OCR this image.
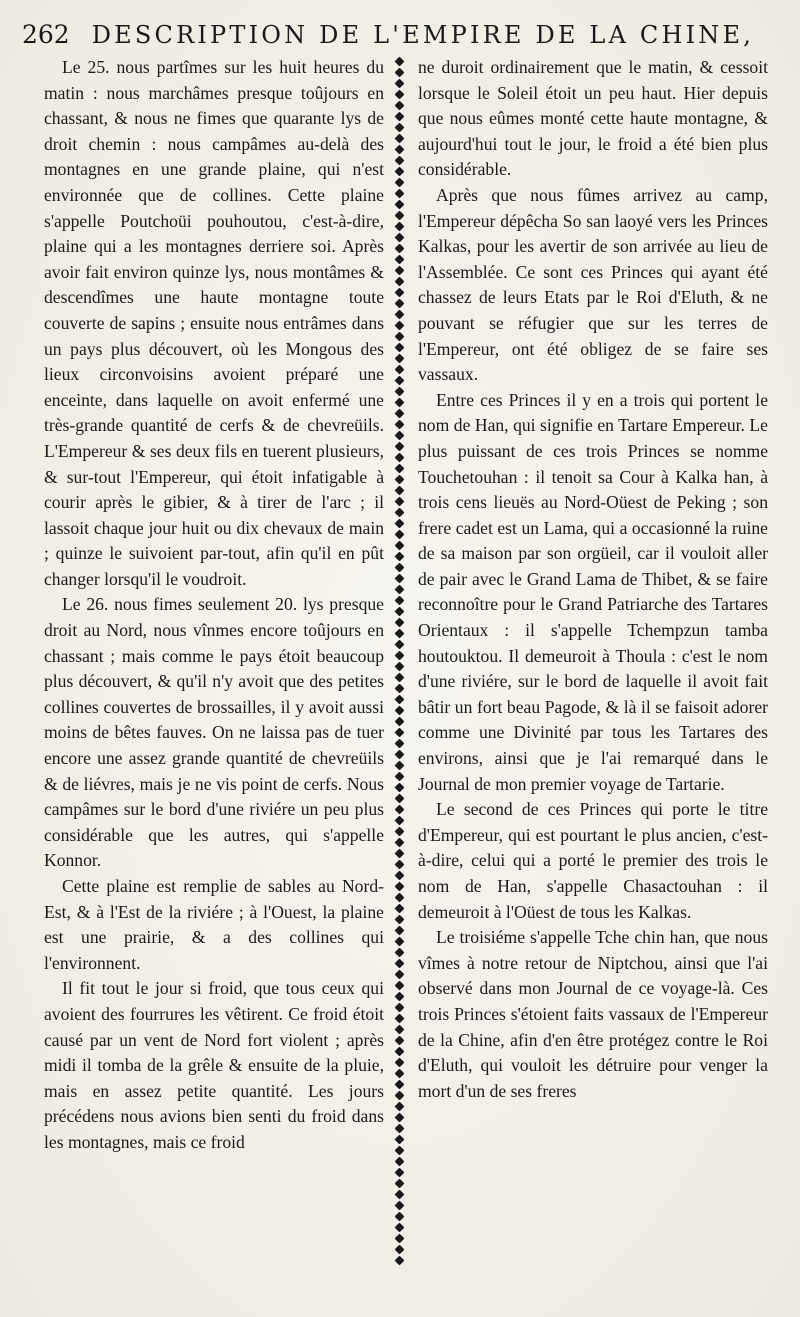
262 DESCRIPTION DE L'EMPIRE DE LA CHINE,

Le 25. nous partîmes sur les huit heures du matin : nous marchâmes presque toûjours en chassant, & nous ne fimes que quarante lys de droit chemin : nous campâmes au-delà des montagnes en une grande plaine, qui n'est environnée que de collines. Cette plaine s'appelle Poutchoüi pouhoutou, c'est-à-dire, plaine qui a les montagnes derriere soi. Après avoir fait environ quinze lys, nous montâmes & descendîmes une haute montagne toute couverte de sapins ; ensuite nous entrâmes dans un pays plus découvert, où les Mongous des lieux circonvoisins avoient préparé une enceinte, dans laquelle on avoit enfermé une très-grande quantité de cerfs & de chevreüils. L'Empereur & ses deux fils en tuerent plusieurs, & sur-tout l'Empereur, qui étoit infatigable à courir après le gibier, & à tirer de l'arc ; il lassoit chaque jour huit ou dix chevaux de main ; quinze le suivoient par-tout, afin qu'il en pût changer lorsqu'il le voudroit.

Le 26. nous fimes seulement 20. lys presque droit au Nord, nous vînmes encore toûjours en chassant ; mais comme le pays étoit beaucoup plus découvert, & qu'il n'y avoit que des petites collines couvertes de brossailles, il y avoit aussi moins de bêtes fauves. On ne laissa pas de tuer encore une assez grande quantité de chevreüils & de liévres, mais je ne vis point de cerfs. Nous campâmes sur le bord d'une riviére un peu plus considérable que les autres, qui s'appelle Konnor.

Cette plaine est remplie de sables au Nord-Est, & à l'Est de la riviére ; à l'Ouest, la plaine est une prairie, & a des collines qui l'environnent.

Il fit tout le jour si froid, que tous ceux qui avoient des fourrures les vêtirent. Ce froid étoit causé par un vent de Nord fort violent ; après midi il tomba de la grêle & ensuite de la pluie, mais en assez petite quantité. Les jours précédens nous avions bien senti du froid dans les montagnes, mais ce froid

ne duroit ordinairement que le matin, & cessoit lorsque le Soleil étoit un peu haut. Hier depuis que nous eûmes monté cette haute montagne, & aujourd'hui tout le jour, le froid a été bien plus considérable.

Après que nous fûmes arrivez au camp, l'Empereur dépêcha So san laoyé vers les Princes Kalkas, pour les avertir de son arrivée au lieu de l'Assemblée. Ce sont ces Princes qui ayant été chassez de leurs Etats par le Roi d'Eluth, & ne pouvant se réfugier que sur les terres de l'Empereur, ont été obligez de se faire ses vassaux.

Entre ces Princes il y en a trois qui portent le nom de Han, qui signifie en Tartare Empereur. Le plus puissant de ces trois Princes se nomme Touchetouhan : il tenoit sa Cour à Kalka han, à trois cens lieuës au Nord-Oüest de Peking ; son frere cadet est un Lama, qui a occasionné la ruine de sa maison par son orgüeil, car il vouloit aller de pair avec le Grand Lama de Thibet, & se faire reconnoître pour le Grand Patriarche des Tartares Orientaux : il s'appelle Tchempzun tamba houtouktou. Il demeuroit à Thoula : c'est le nom d'une riviére, sur le bord de laquelle il avoit fait bâtir un fort beau Pagode, & là il se faisoit adorer comme une Divinité par tous les Tartares des environs, ainsi que je l'ai remarqué dans le Journal de mon premier voyage de Tartarie.

Le second de ces Princes qui porte le titre d'Empereur, qui est pourtant le plus ancien, c'est-à-dire, celui qui a porté le premier des trois le nom de Han, s'appelle Chasactouhan : il demeuroit à l'Oüest de tous les Kalkas.

Le troisiéme s'appelle Tche chin han, que nous vîmes à notre retour de Niptchou, ainsi que l'ai observé dans mon Journal de ce voyage-là. Ces trois Princes s'étoient faits vassaux de l'Empereur de la Chine, afin d'en être protégez contre le Roi d'Eluth, qui vouloit les détruire pour venger la mort d'un de ses freres
